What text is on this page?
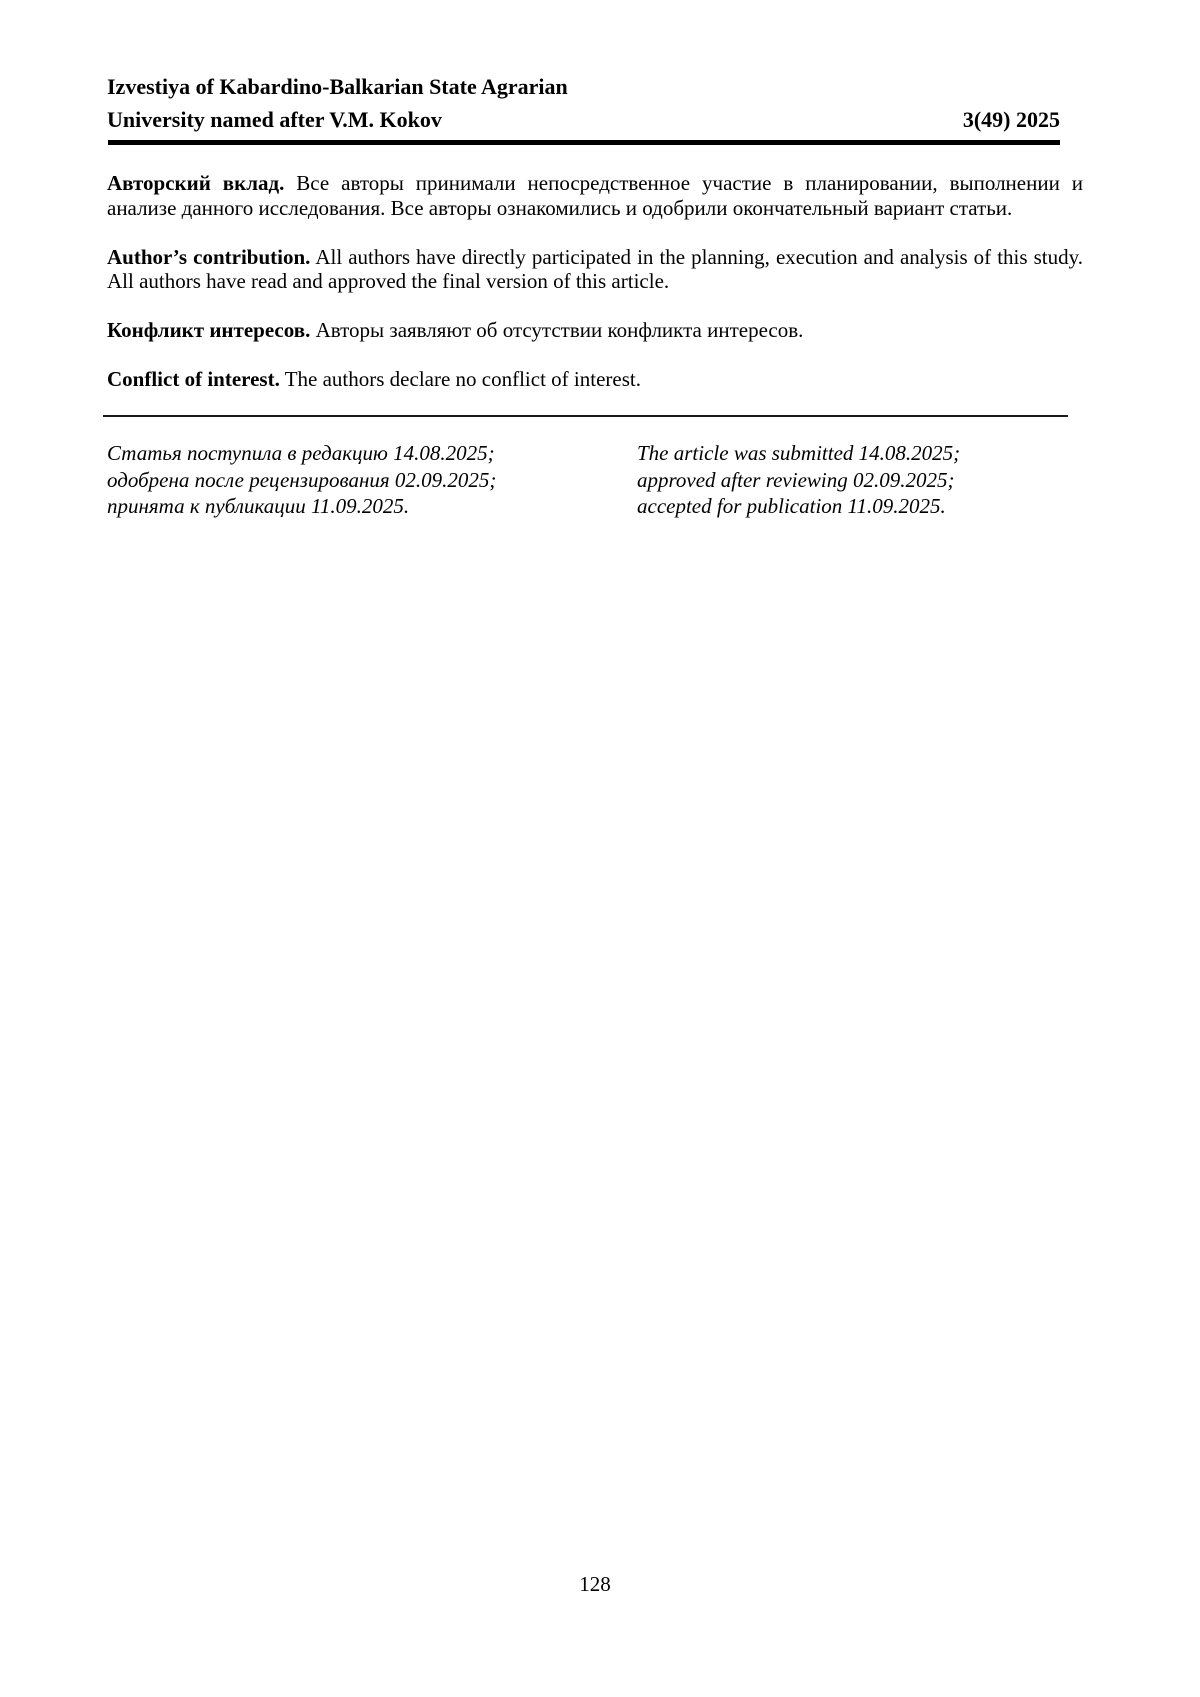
Izvestiya of Kabardino-Balkarian State Agrarian
University named after V.M. Kokov	3(49) 2025

Авторский вклад. Все авторы принимали непосредственное участие в планировании, выполнении и анализе данного исследования. Все авторы ознакомились и одобрили окончательный вариант статьи.

Author’s contribution. All authors have directly participated in the planning, execution and analysis of this study. All authors have read and approved the final version of this article.

Конфликт интересов. Авторы заявляют об отсутствии конфликта интересов.

Conflict of interest. The authors declare no conflict of interest.

Статья поступила в редакцию 14.08.2025;
одобрена после рецензирования 02.09.2025;
принята к публикации 11.09.2025.
The article was submitted 14.08.2025;
approved after reviewing 02.09.2025;
accepted for publication 11.09.2025.
128
